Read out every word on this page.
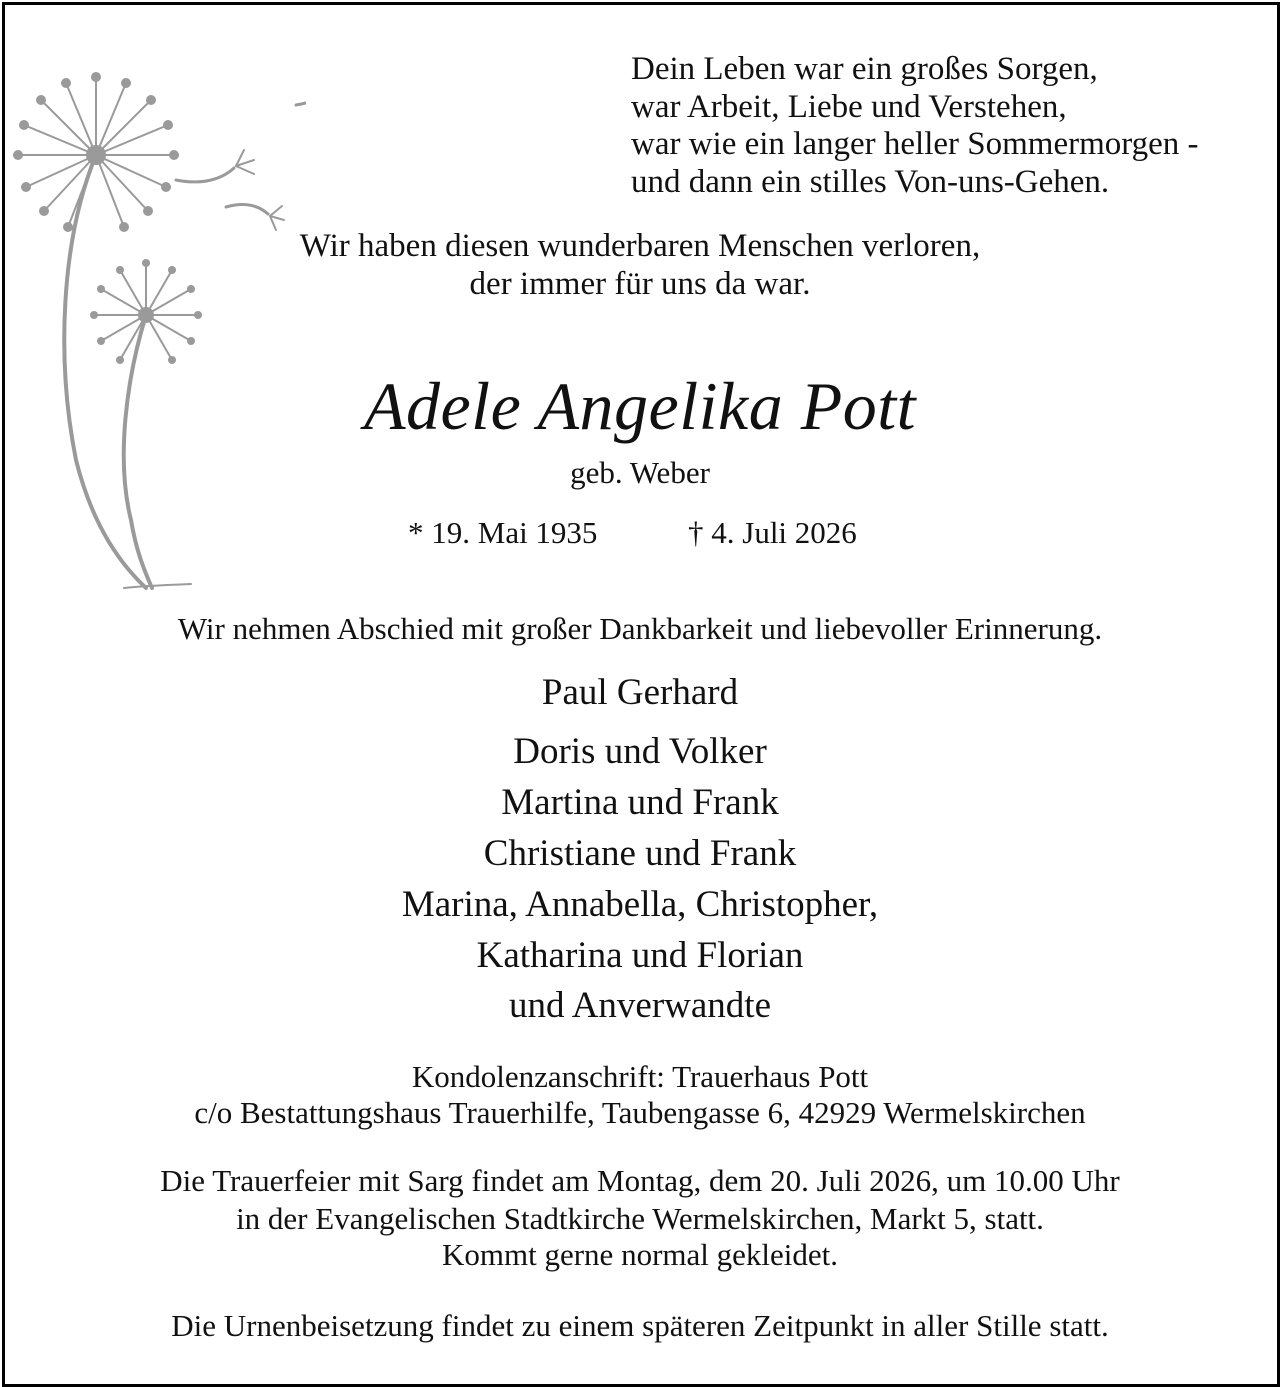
Dein Leben war ein großes Sorgen,
war Arbeit, Liebe und Verstehen,
war wie ein langer heller Sommermorgen -
und dann ein stilles Von-uns-Gehen.
Wir haben diesen wunderbaren Menschen verloren,
der immer für uns da war.
Adele Angelika Pott
geb. Weber
* 19. Mai 1935	† 4. Juli 2026
Wir nehmen Abschied mit großer Dankbarkeit und liebevoller Erinnerung.
Paul Gerhard
Doris und Volker
Martina und Frank
Christiane und Frank
Marina, Annabella, Christopher,
Katharina und Florian
und Anverwandte
Kondolenzanschrift: Trauerhaus Pott
c/o Bestattungshaus Trauerhilfe, Taubengasse 6, 42929 Wermelskirchen
Die Trauerfeier mit Sarg findet am Montag, dem 20. Juli 2026, um 10.00 Uhr
in der Evangelischen Stadtkirche Wermelskirchen, Markt 5, statt.
Kommt gerne normal gekleidet.
Die Urnenbeisetzung findet zu einem späteren Zeitpunkt in aller Stille statt.
